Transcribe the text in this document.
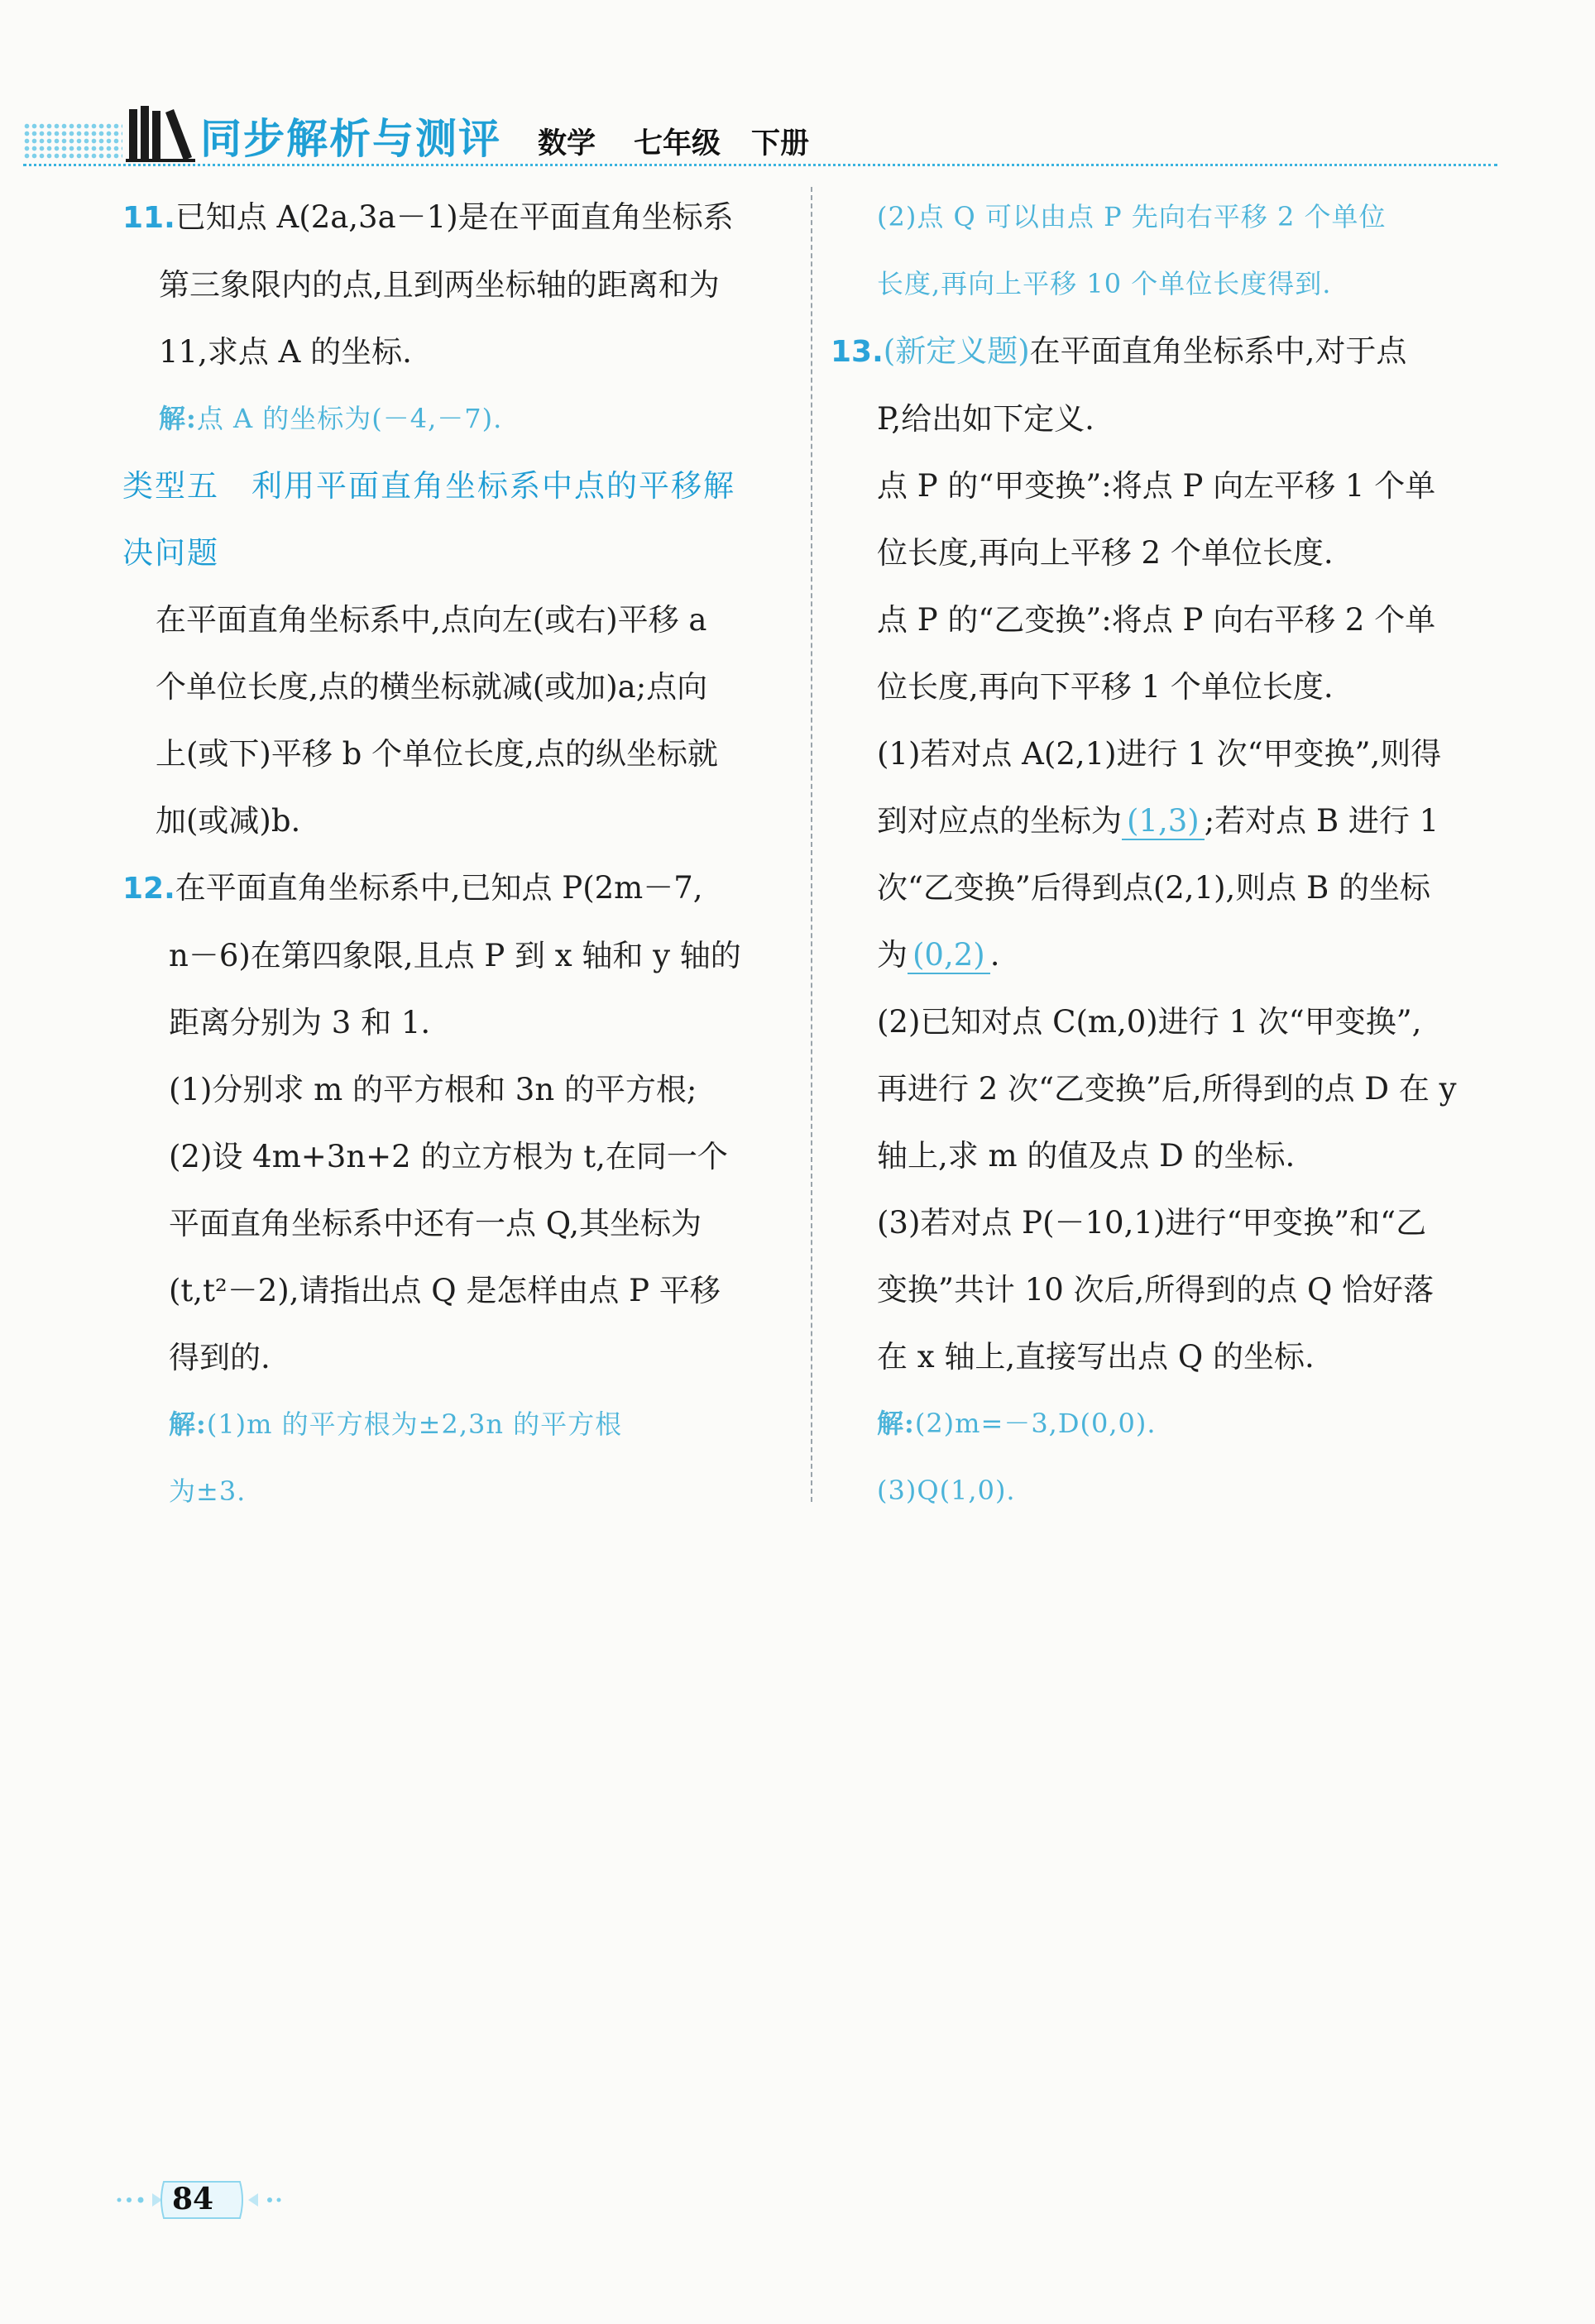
同步解析与测评 数学 七年级 下册

11.已知点 A(2a,3a－1)是在平面直角坐标系

第三象限内的点,且到两坐标轴的距离和为

11,求点 A 的坐标.

解:点 A 的坐标为(－4,－7).

类型五　利用平面直角坐标系中点的平移解

决问题

在平面直角坐标系中,点向左(或右)平移 a

个单位长度,点的横坐标就减(或加)a;点向

上(或下)平移 b 个单位长度,点的纵坐标就

加(或减)b.

12.在平面直角坐标系中,已知点 P(2m－7,

n－6)在第四象限,且点 P 到 x 轴和 y 轴的

距离分别为 3 和 1.

(1)分别求 m 的平方根和 3n 的平方根;

(2)设 4m+3n+2 的立方根为 t,在同一个

平面直角坐标系中还有一点 Q,其坐标为

(t,t²－2),请指出点 Q 是怎样由点 P 平移

得到的.

解:(1)m 的平方根为±2,3n 的平方根

为±3.

(2)点 Q 可以由点 P 先向右平移 2 个单位

长度,再向上平移 10 个单位长度得到.

13.(新定义题)在平面直角坐标系中,对于点

P,给出如下定义.

点 P 的“甲变换”:将点 P 向左平移 1 个单

位长度,再向上平移 2 个单位长度.

点 P 的“乙变换”:将点 P 向右平移 2 个单

位长度,再向下平移 1 个单位长度.

(1)若对点 A(2,1)进行 1 次“甲变换”,则得

到对应点的坐标为 (1,3) ;若对点 B 进行 1

次“乙变换”后得到点(2,1),则点 B 的坐标

为 (0,2) .

(2)已知对点 C(m,0)进行 1 次“甲变换”,

再进行 2 次“乙变换”后,所得到的点 D 在 y

轴上,求 m 的值及点 D 的坐标.

(3)若对点 P(－10,1)进行“甲变换”和“乙

变换”共计 10 次后,所得到的点 Q 恰好落

在 x 轴上,直接写出点 Q 的坐标.

解:(2)m=－3,D(0,0).

(3)Q(1,0).

84
